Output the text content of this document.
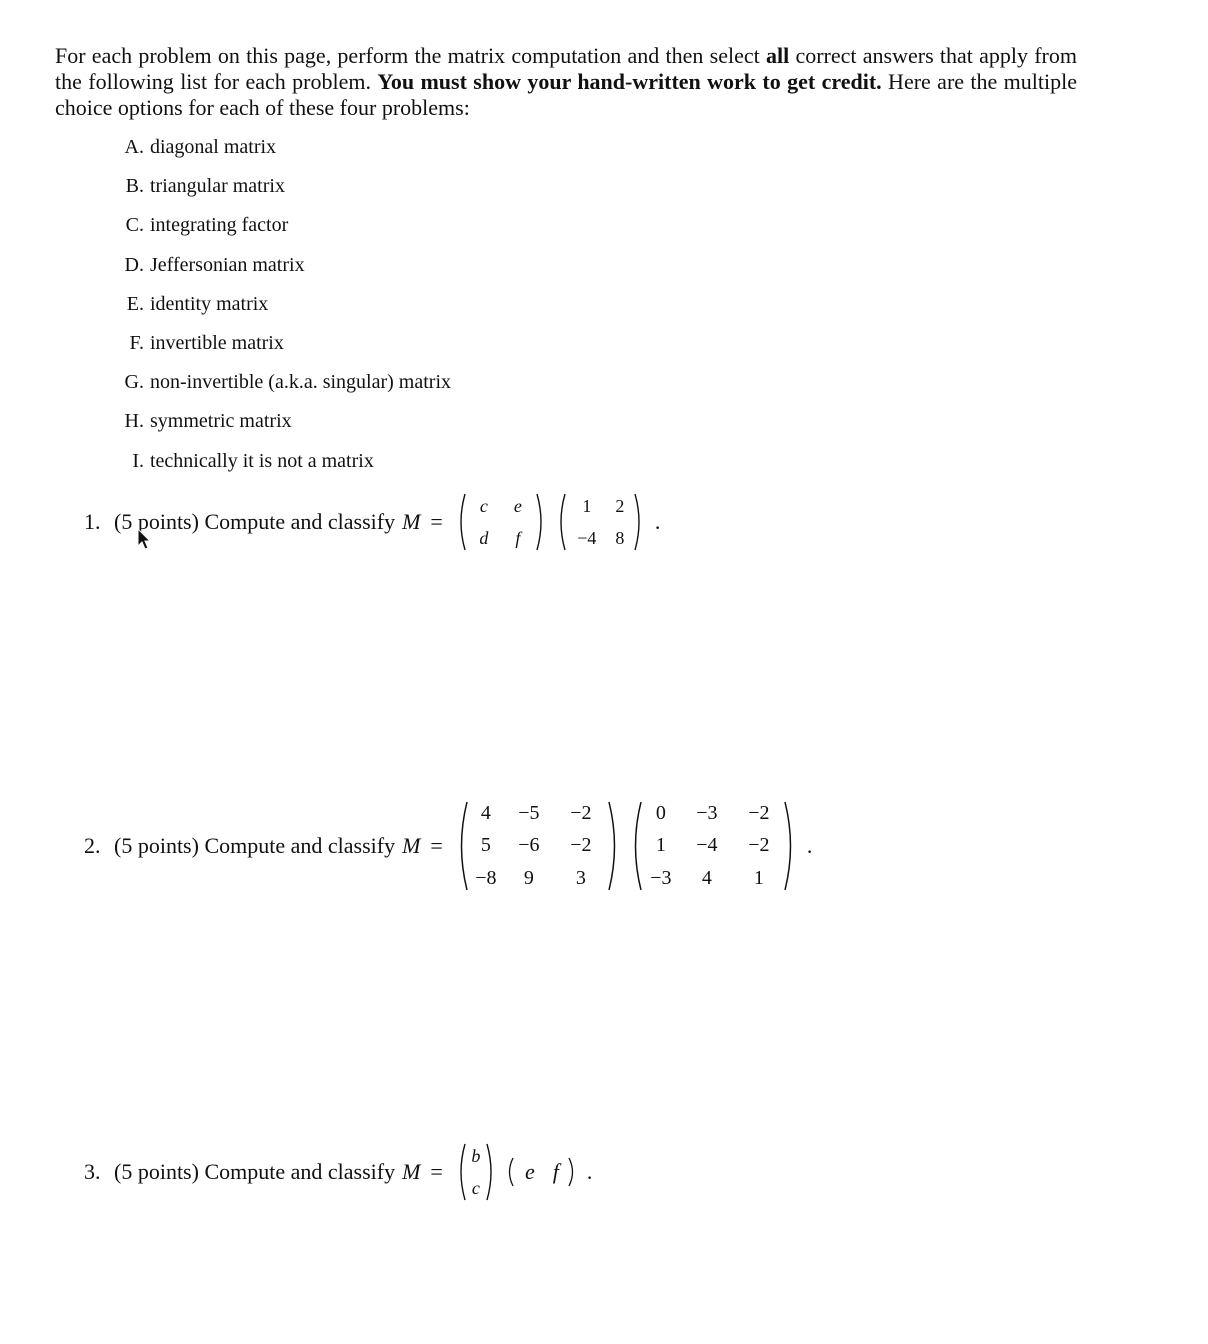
For each problem on this page, perform the matrix computation and then select all correct answers that apply from the following list for each problem. You must show your hand-written work to get credit. Here are the multiple choice options for each of these four problems:
A.
diagonal matrix
B.
triangular matrix
C.
integrating factor
D.
Jeffersonian matrix
E.
identity matrix
F.
invertible matrix
G.
non-invertible (a.k.a. singular) matrix
H.
symmetric matrix
I.
technically it is not a matrix
1. (5 points) Compute and classify M =
c	e
d	f
1	2
−4	8
.
2. (5 points) Compute and classify M =
4	−5	−2
5	−6	−2
−8	9	3
0	−3	−2
1	−4	−2
−3	4	1
.
3. (5 points) Compute and classify M =
b
c
e f	.
